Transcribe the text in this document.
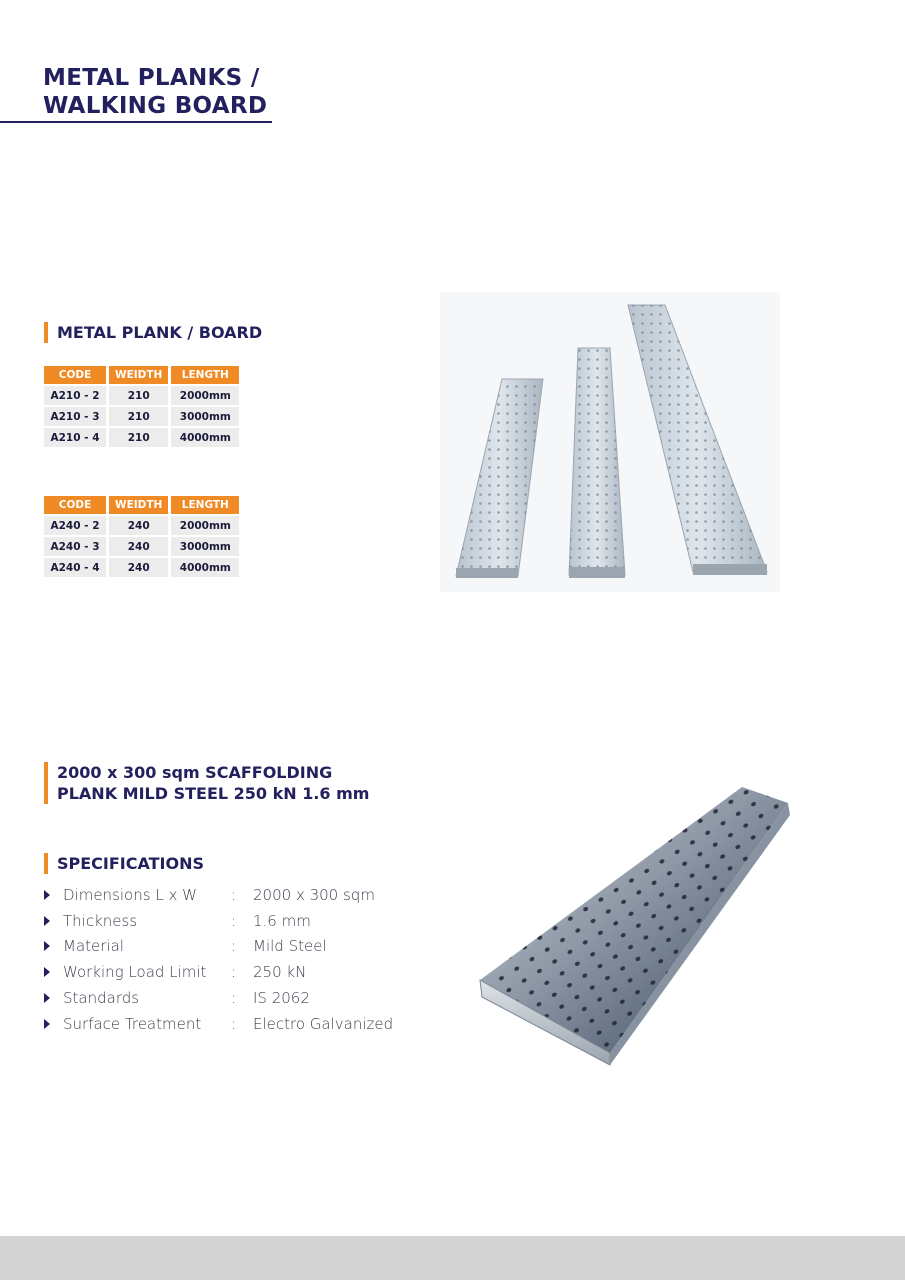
METAL PLANKS /
WALKING BOARD
METAL PLANK / BOARD
CODE	WEIDTH	LENGTH
A210 - 2	210	2000mm
A210 - 3	210	3000mm
A210 - 4	210	4000mm
CODE	WEIDTH	LENGTH
A240 - 2	240	2000mm
A240 - 3	240	3000mm
A240 - 4	240	4000mm
2000 x 300 sqm SCAFFOLDING
PLANK MILD STEEL 250 kN 1.6 mm
SPECIFICATIONS
Dimensions L x W	:	2000 x 300 sqm
Thickness	:	1.6 mm
Material	:	Mild Steel
Working Load Limit	:	250 kN
Standards	:	IS 2062
Surface Treatment	:	Electro Galvanized
